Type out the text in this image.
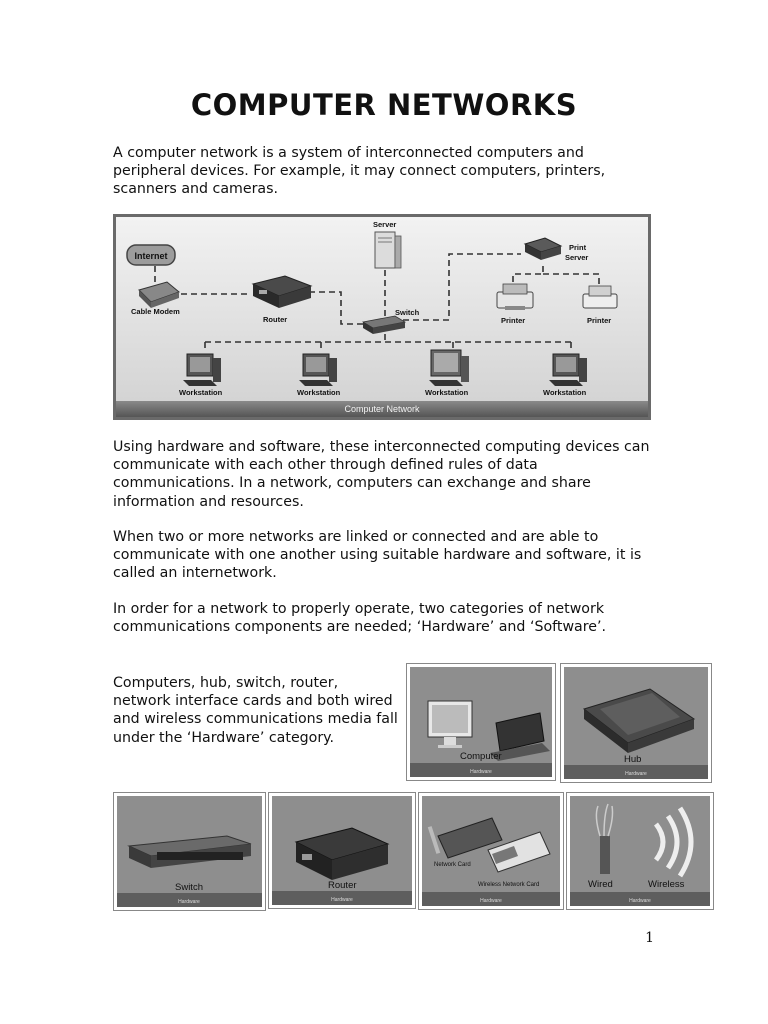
COMPUTER NETWORKS

A computer network is a system of interconnected computers and peripheral devices. For example, it may connect computers, printers, scanners and cameras.

Internet
Cable Modem
Router
Server
Switch
Print Server
Printer	Printer
Workstation	Workstation	Workstation	Workstation
Computer Network

Using hardware and software, these interconnected computing devices can communicate with each other through defined rules of data communications. In a network, computers can exchange and share information and resources.

When two or more networks are linked or connected and are able to communicate with one another using suitable hardware and software, it is called an internetwork.

In order for a network to properly operate, two categories of network communications components are needed; ‘Hardware’ and ‘Software’.

Computers, hub, switch, router, network interface cards and both wired and wireless communications media fall under the ‘Hardware’ category.

Computer
Hardware
Hub
Hardware
Switch
Hardware
Router
Hardware
Network Card
Wireless Network Card
Hardware
Wired	Wireless
Hardware
1
